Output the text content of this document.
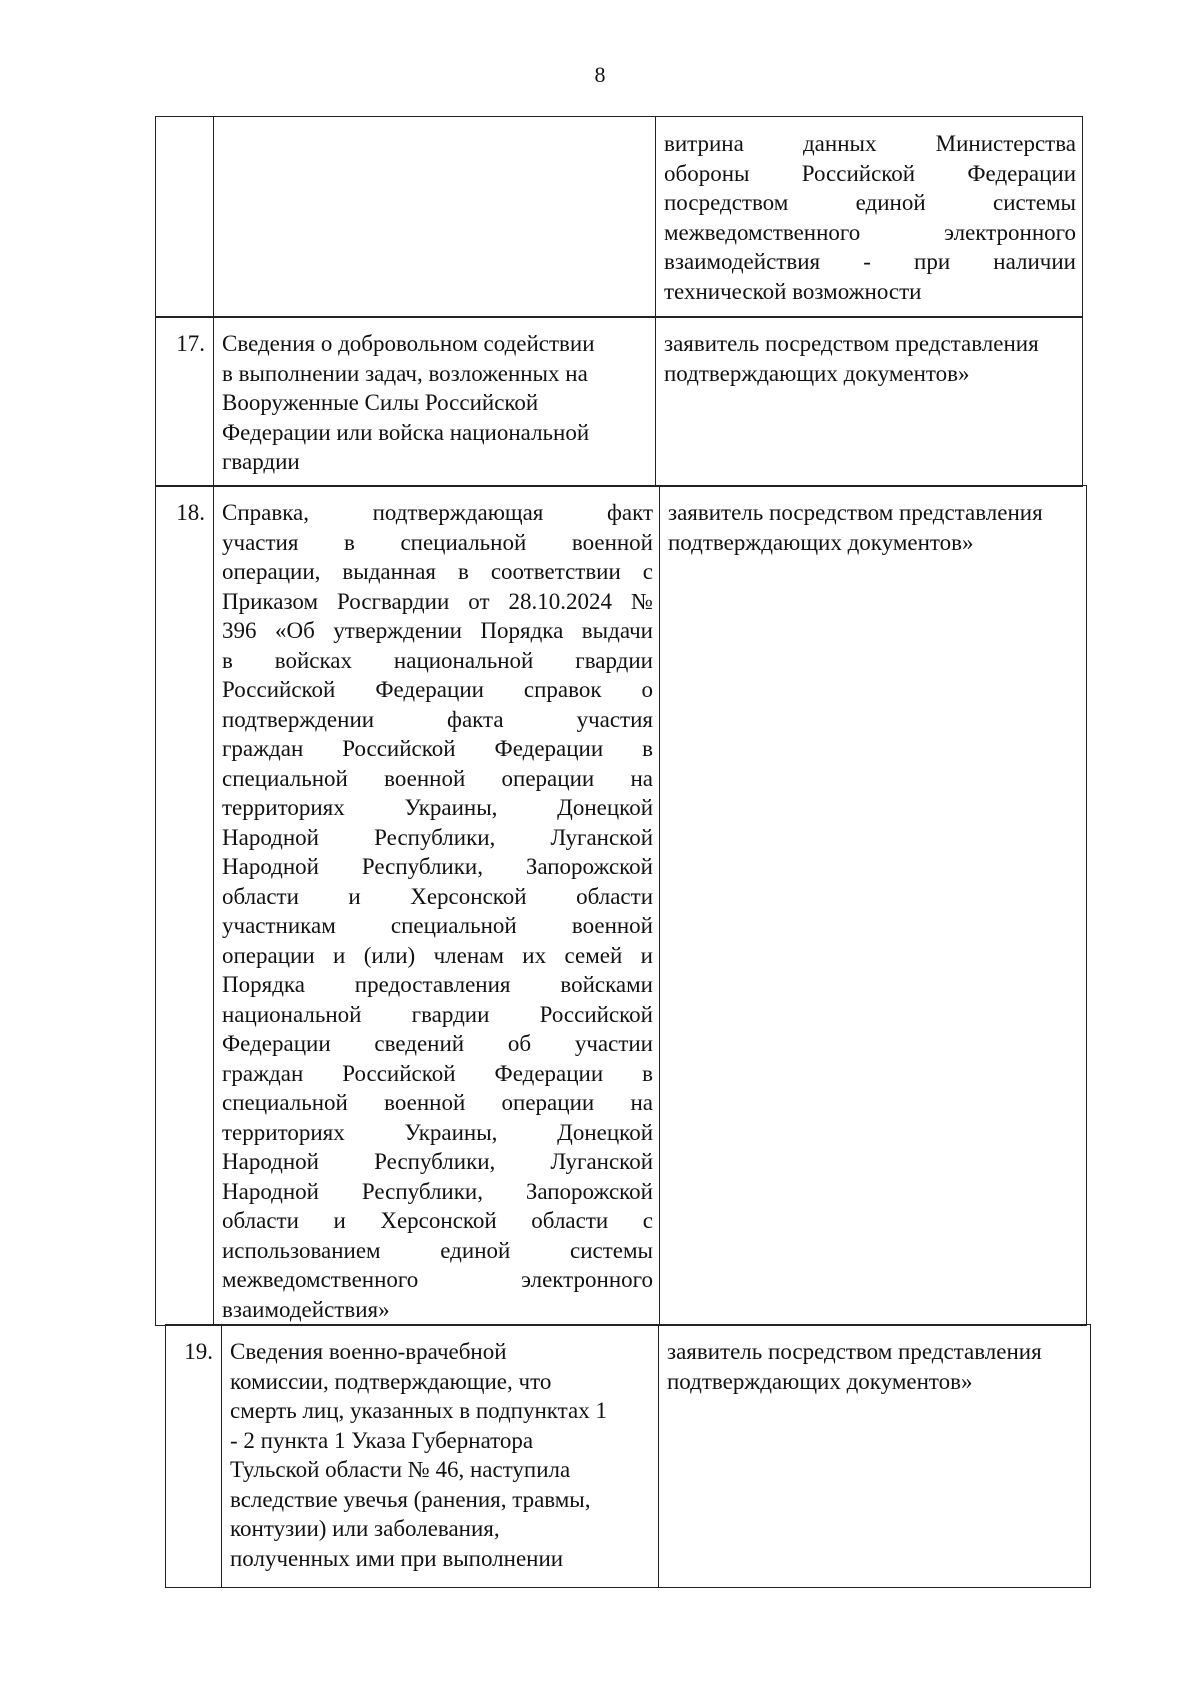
8
витрина данных Министерства
обороны Российской Федерации
посредством единой системы
межведомственного электронного
взаимодействия - при наличии
технической возможности
17. Сведения о добровольном содействии
в выполнении задач, возложенных на
Вооруженные Силы Российской
Федерации или войска национальной
гвардии
заявитель посредством представления
подтверждающих документов»
18. Справка, подтверждающая факт
участия в специальной военной
операции, выданная в соответствии с
Приказом Росгвардии от 28.10.2024 №
396 «Об утверждении Порядка выдачи
в войсках национальной гвардии
Российской Федерации справок о
подтверждении факта участия
граждан Российской Федерации в
специальной военной операции на
территориях Украины, Донецкой
Народной Республики, Луганской
Народной Республики, Запорожской
области и Херсонской области
участникам специальной военной
операции и (или) членам их семей и
Порядка предоставления войсками
национальной гвардии Российской
Федерации сведений об участии
граждан Российской Федерации в
специальной военной операции на
территориях Украины, Донецкой
Народной Республики, Луганской
Народной Республики, Запорожской
области и Херсонской области с
использованием единой системы
межведомственного электронного
взаимодействия»
заявитель посредством представления
подтверждающих документов»
19. Сведения военно-врачебной
комиссии, подтверждающие, что
смерть лиц, указанных в подпунктах 1
- 2 пункта 1 Указа Губернатора
Тульской области № 46, наступила
вследствие увечья (ранения, травмы,
контузии) или заболевания,
полученных ими при выполнении
заявитель посредством представления
подтверждающих документов»
